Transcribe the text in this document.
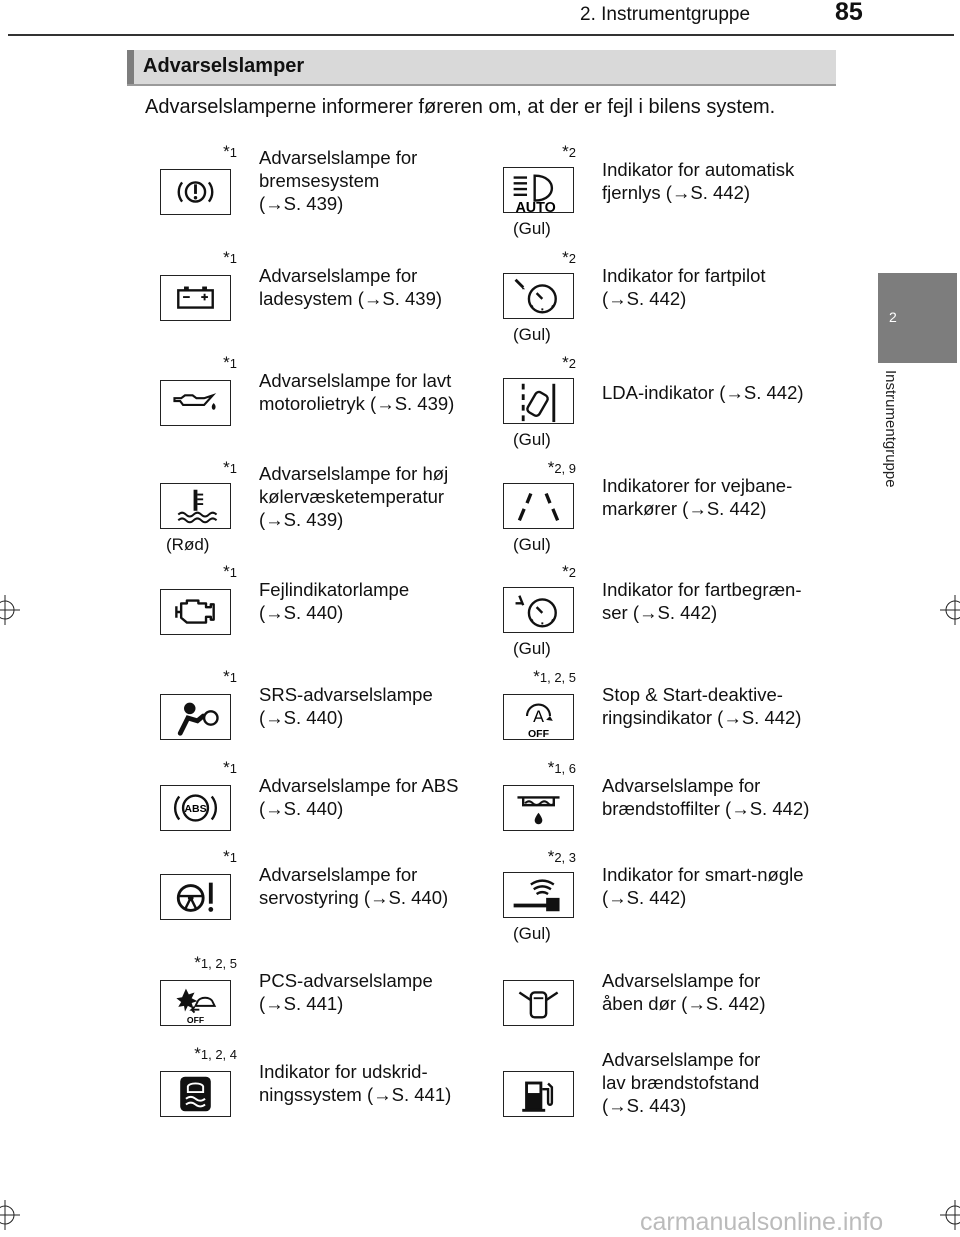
2. Instrumentgruppe	85
2
Instrumentgruppe
Advarselslamper
Advarselslamperne informerer føreren om, at der er fejl i bilens system.
*1 Advarselslampe for
bremsesystem
(→S. 439)
*1
Advarselslampe for
ladesystem (→S. 439)
*1
Advarselslampe for lavt
motorolietryk (→S. 439)
*1
(Rød)
Advarselslampe for høj
kølervæsketemperatur
(→S. 439)
*1
Fejlindikatorlampe
(→S. 440)
*1
SRS-advarselslampe
(→S. 440)
*1
ABS
Advarselslampe for ABS
(→S. 440)
*1
Advarselslampe for
servostyring (→S. 440)
*1, 2, 5
OFF
PCS-advarselslampe
(→S. 441)
*1, 2, 4
Indikator for udskrid-
ningssystem (→S. 441)
*2
AUTO
(Gul)
Indikator for automatisk
fjernlys (→S. 442)
*2
(Gul)
Indikator for fartpilot
(→S. 442)
*2
(Gul)
LDA-indikator (→S. 442)
*2, 9
(Gul)
Indikatorer for vejbane-
markører (→S. 442)
*2
(Gul)
Indikator for fartbegræn-
ser (→S. 442)
*1, 2, 5
A
OFF
Stop & Start-deaktive-
ringsindikator (→S. 442)
*1, 6
Advarselslampe for
brændstoffilter (→S. 442)
*2, 3
(Gul)
Indikator for smart-nøgle
(→S. 442)
Advarselslampe for
åben dør (→S. 442)
Advarselslampe for
lav brændstofstand
(→S. 443)
carmanualsonline.info
